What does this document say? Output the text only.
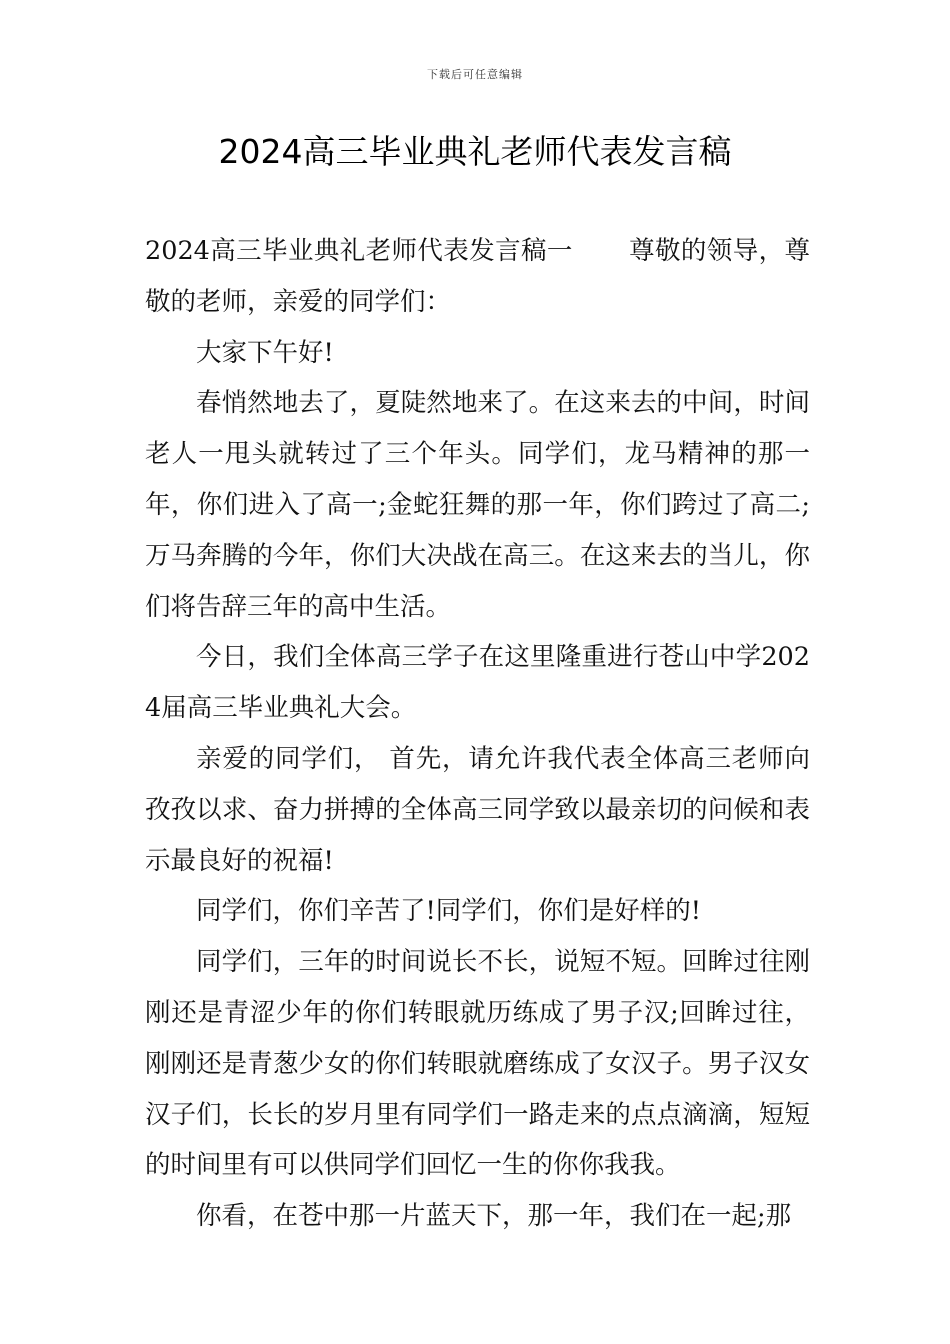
下载后可任意编辑
2024高三毕业典礼老师代表发言稿

2024高三毕业典礼老师代表发言稿一 尊敬的领导，尊敬的老师，亲爱的同学们：

大家下午好!

春悄然地去了，夏陡然地来了。在这来去的中间，时间老人一甩头就转过了三个年头。同学们，龙马精神的那一年，你们进入了高一;金蛇狂舞的那一年，你们跨过了高二;万马奔腾的今年，你们大决战在高三。在这来去的当儿，你们将告辞三年的高中生活。

今日，我们全体高三学子在这里隆重进行苍山中学2024届高三毕业典礼大会。

亲爱的同学们， 首先，请允许我代表全体高三老师向孜孜以求、奋力拼搏的全体高三同学致以最亲切的问候和表示最良好的祝福!

同学们，你们辛苦了!同学们，你们是好样的!

同学们，三年的时间说长不长，说短不短。回眸过往刚刚还是青涩少年的你们转眼就历练成了男子汉;回眸过往，刚刚还是青葱少女的你们转眼就磨练成了女汉子。男子汉女汉子们，长长的岁月里有同学们一路走来的点点滴滴，短短的时间里有可以供同学们回忆一生的你你我我。

你看，在苍中那一片蓝天下，那一年，我们在一起;那
